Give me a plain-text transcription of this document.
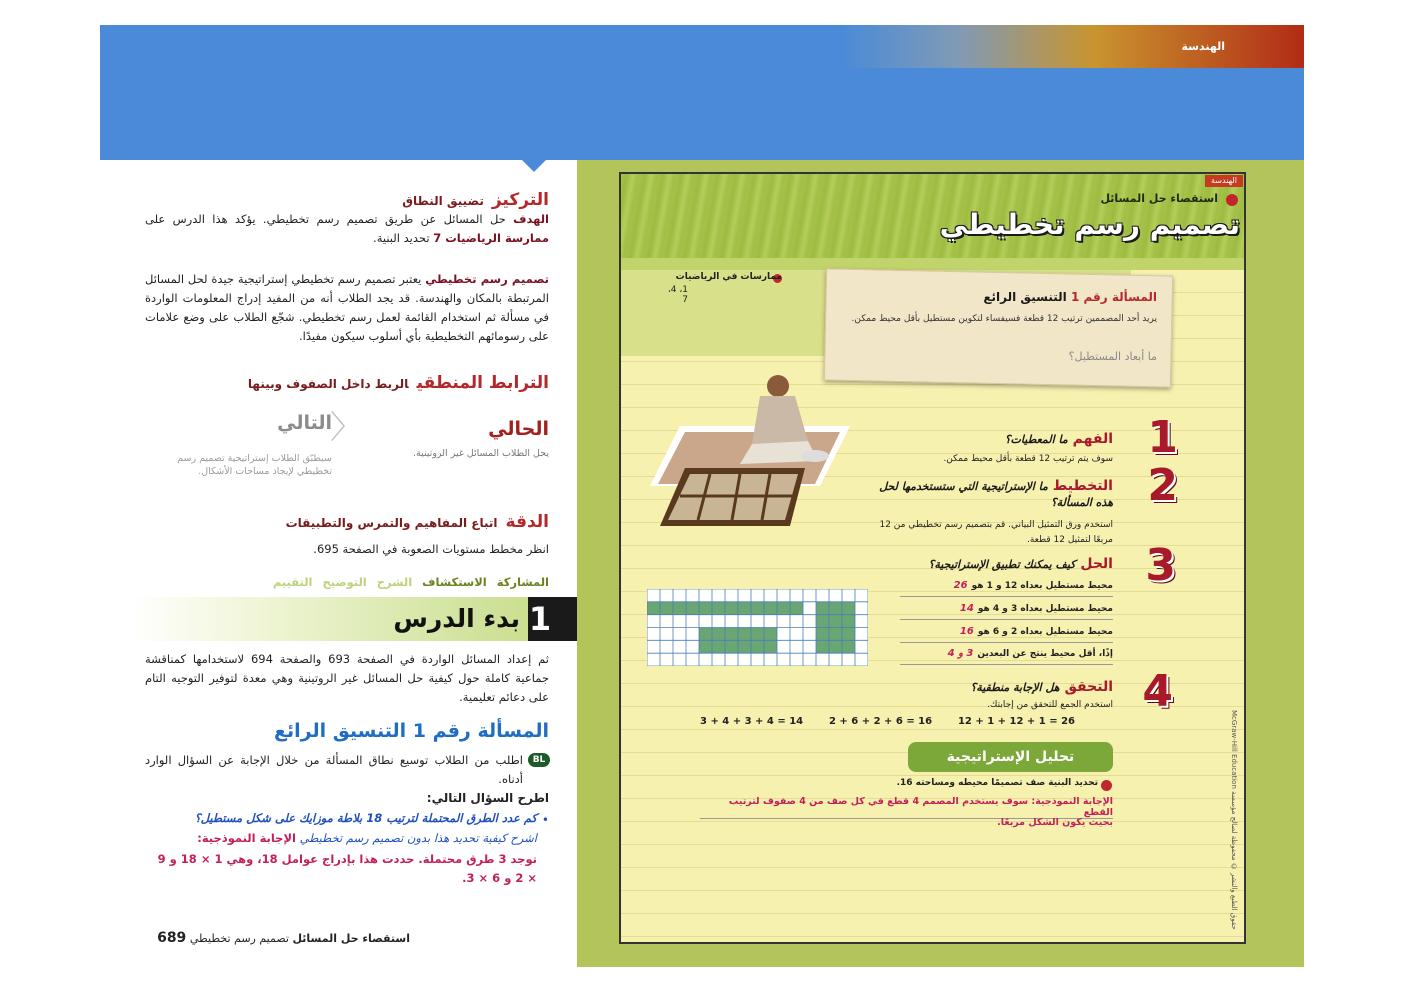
الهندسة
التركيزتضييق النطاق
الهدف حل المسائل عن طريق تصميم رسم تخطيطي. يؤكد هذا الدرس على ممارسة الرياضيات 7 تحديد البنية.
تصميم رسم تخطيطي يعتبر تصميم رسم تخطيطي إستراتيجية جيدة لحل المسائل المرتبطة بالمكان والهندسة. قد يجد الطلاب أنه من المفيد إدراج المعلومات الواردة في مسألة ثم استخدام القائمة لعمل رسم تخطيطي. شجّع الطلاب على وضع علامات على رسومائهم التخطيطية بأي أسلوب سيكون مفيدًا.
الترابط المنطقيالربط داخل الصفوف وبينها
الحالي
يحل الطلاب المسائل غير الروتينية.
〈
التالي
سيطبّق الطلاب إستراتيجية تصميم رسم تخطيطي لإيجاد مساحات الأشكال.
الدقةاتباع المفاهيم والتمرس والتطبيقات
انظر مخطط مستويات الصعوبة في الصفحة 695.
المشاركة
الاستكشاف
الشرح
التوضيح
التقييم
1
بدء الدرس
ثم إعداد المسائل الواردة في الصفحة 693 والصفحة 694 لاستخدامها كمناقشة جماعية كاملة حول كيفية حل المسائل غير الروتينية وهي معدة لتوفير التوجيه التام على دعائم تعليمية.
المسألة رقم 1 التنسيق الرائع
BL
اطلب من الطلاب توسيع نطاق المسألة من خلال الإجابة عن السؤال الوارد أدناه.
اطرح السؤال التالي:
•
كم عدد الطرق المحتملة لترتيب 18 بلاطة موزايك على شكل مستطيل؟
اشرح كيفية تحديد هذا بدون تصميم رسم تخطيطي الإجابة النموذجية:
توجد 3 طرق محتملة. حددت هذا بإدراج عوامل 18، وهي 1 × 18 و 9 × 2 و 6 × 3.
استقصاء حل المسائل تصميم رسم تخطيطي 689
الهندسة
استقصاء حل المسائل
تصميم رسم تخطيطي
ممارسات في الرياضيات
1، 4، 7	المسألة رقم 1 التنسيق الرائع
يريد أحد المصممين ترتيب 12 قطعة فسيفساء لتكوين مستطيل بأقل محيط ممكن.
ما أبعاد المستطيل؟
1
الفهم ما المعطيات؟
سوف يتم ترتيب 12 قطعة بأقل محيط ممكن.
2
التخطيط ما الإستراتيجية التي ستستخدمها لحل هذه المسألة؟
استخدم ورق التمثيل البياني. قم بتصميم رسم تخطيطي من 12 مربعًا لتمثيل 12 قطعة. 3
الحل كيف يمكنك تطبيق الإستراتيجية؟
محيط مستطيل بعداه 12 و 1 هو26
محيط مستطيل بعداه 3 و 4 هو14
محيط مستطيل بعداه 2 و 6 هو16
إذًا، أقل محيط ينتج عن البعدين3 و 4
4
التحقق هل الإجابة منطقية؟
استخدم الجمع للتحقق من إجابتك.
3 + 4 + 3 + 4 = 14	2 + 6 + 2 + 6 = 16	12 + 1 + 12 + 1 = 26
تحليل الإستراتيجية
تحديد البنية صف تصميمًا محيطه ومساحته 16.
الإجابة النموذجية: سوف يستخدم المصمم 4 قطع في كل صف من 4 صفوف لترتيب القطع
بحيث يكون الشكل مربعًا.
حقوق الطبع والنشر © محفوظة لصالح مؤسسة McGraw-Hill Education
